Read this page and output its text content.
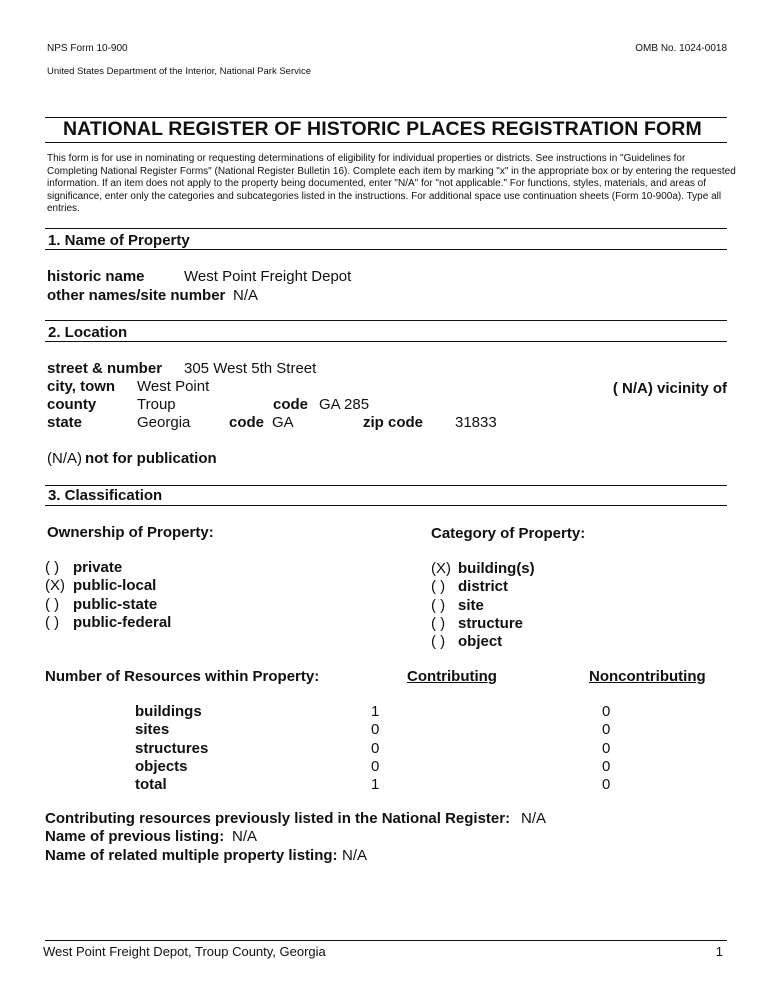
NPS Form 10-900	OMB No. 1024-0018
United States Department of the Interior, National Park Service
NATIONAL REGISTER OF HISTORIC PLACES REGISTRATION FORM
This form is for use in nominating or requesting determinations of eligibility for individual properties or districts. See instructions in "Guidelines for Completing National Register Forms" (National Register Bulletin 16). Complete each item by marking "x" in the appropriate box or by entering the requested information. If an item does not apply to the property being documented, enter "N/A" for "not applicable." For functions, styles, materials, and areas of significance, enter only the categories and subcategories listed in the instructions. For additional space use continuation sheets (Form 10-900a). Type all entries.
1. Name of Property
historic name	West Point Freight Depot
other names/site number N/A
2. Location
street & number 305 West 5th Street
city, town West Point	( N/A) vicinity of
county	Troup	code GA 285
state	Georgia	code GA	zip code 31833
(N/A) not for publication
3. Classification
Ownership of Property:	Category of Property:
Number of Resources within Property:	Contributing	Noncontributing
Contributing resources previously listed in the National Register: N/A
Name of previous listing: N/A
Name of related multiple property listing: N/A
West Point Freight Depot, Troup County, Georgia	1
( ) private
(X) public-local
( ) public-state
( ) public-federal
(X) building(s)
( ) district
( ) site
( ) structure
( ) object
buildings	1	0
sites	0	0
structures	0	0
objects	0	0
total	1	0
